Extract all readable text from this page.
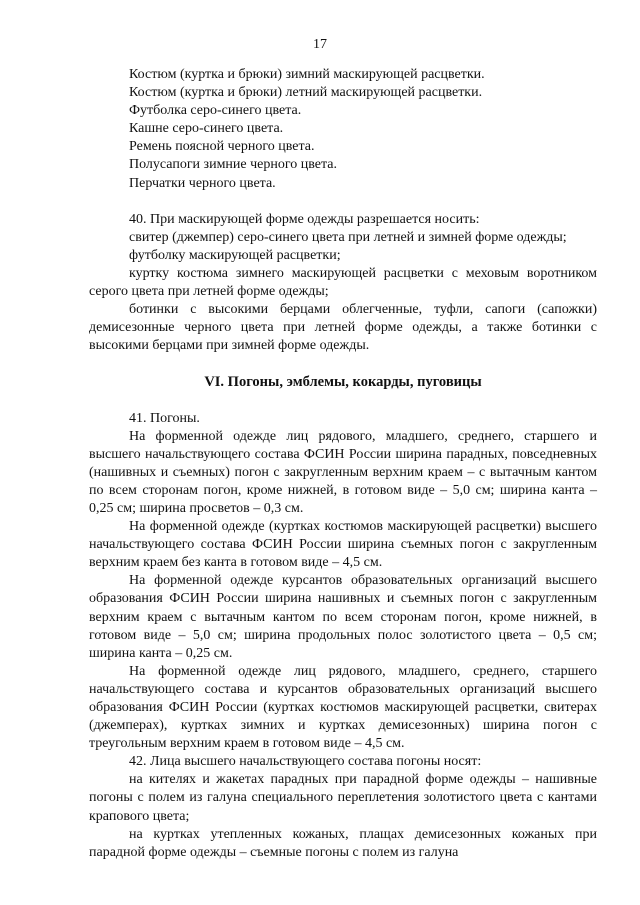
17
Костюм (куртка и брюки) зимний маскирующей расцветки.
Костюм (куртка и брюки) летний маскирующей расцветки.
Футболка серо-синего цвета.
Кашне серо-синего цвета.
Ремень поясной черного цвета.
Полусапоги зимние черного цвета.
Перчатки черного цвета.
40. При маскирующей форме одежды разрешается носить:
свитер (джемпер) серо-синего цвета при летней и зимней форме одежды;
футболку маскирующей расцветки;
куртку костюма зимнего маскирующей расцветки с меховым воротником серого цвета при летней форме одежды;
ботинки с высокими берцами облегченные, туфли, сапоги (сапожки) демисезонные черного цвета при летней форме одежды, а также ботинки с высокими берцами при зимней форме одежды.
VI. Погоны, эмблемы, кокарды, пуговицы
41. Погоны.
На форменной одежде лиц рядового, младшего, среднего, старшего и высшего начальствующего состава ФСИН России ширина парадных, повседневных (нашивных и съемных) погон с закругленным верхним краем – с вытачным кантом по всем сторонам погон, кроме нижней, в готовом виде – 5,0 см; ширина канта – 0,25 см; ширина просветов – 0,3 см.
На форменной одежде (куртках костюмов маскирующей расцветки) высшего начальствующего состава ФСИН России ширина съемных погон с закругленным верхним краем без канта в готовом виде – 4,5 см.
На форменной одежде курсантов образовательных организаций высшего образования ФСИН России ширина нашивных и съемных погон с закругленным верхним краем с вытачным кантом по всем сторонам погон, кроме нижней, в готовом виде – 5,0 см; ширина продольных полос золотистого цвета – 0,5 см; ширина канта – 0,25 см.
На форменной одежде лиц рядового, младшего, среднего, старшего начальствующего состава и курсантов образовательных организаций высшего образования ФСИН России (куртках костюмов маскирующей расцветки, свитерах (джемперах), куртках зимних и куртках демисезонных) ширина погон с треугольным верхним краем в готовом виде – 4,5 см.
42. Лица высшего начальствующего состава погоны носят:
на кителях и жакетах парадных при парадной форме одежды – нашивные погоны с полем из галуна специального переплетения золотистого цвета с кантами крапового цвета;
на куртках утепленных кожаных, плащах демисезонных кожаных при парадной форме одежды – съемные погоны с полем из галуна
